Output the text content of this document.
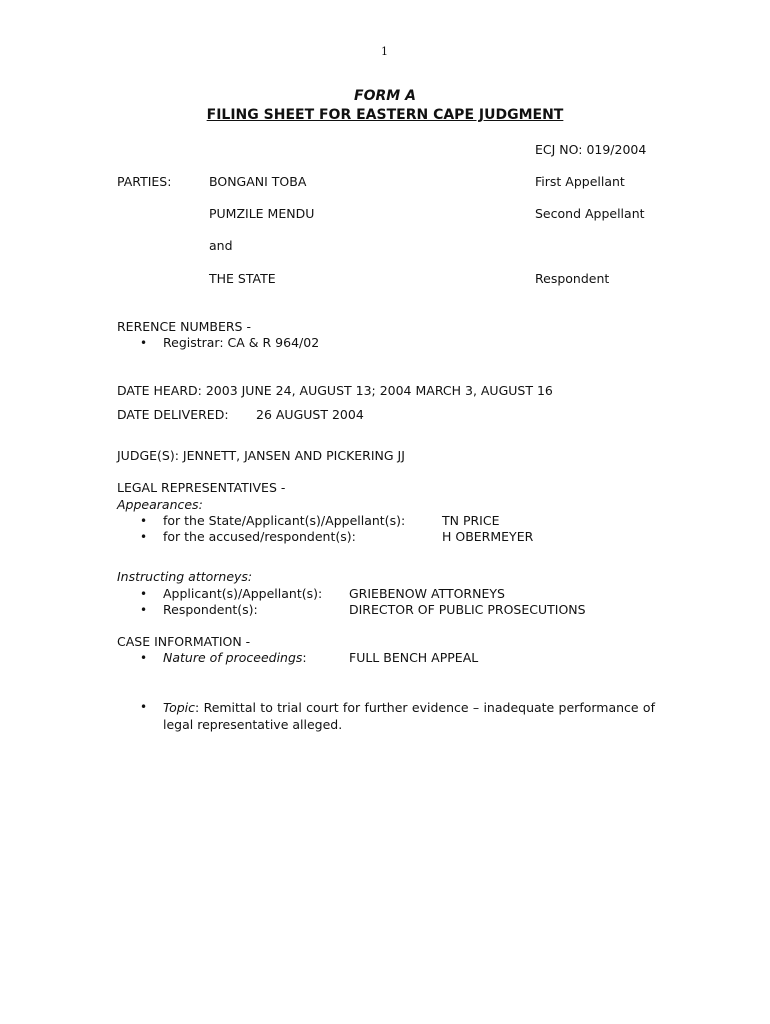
1
FORM A
FILING SHEET FOR EASTERN CAPE JUDGMENT
ECJ NO: 019/2004
PARTIES:	BONGANI TOBA	First Appellant
PUMZILE MENDU	Second Appellant
and
THE STATE	Respondent
RERENCE NUMBERS -
• Registrar: CA & R 964/02
DATE HEARD: 2003 JUNE 24, AUGUST 13; 2004 MARCH 3, AUGUST 16
DATE DELIVERED: 26 AUGUST 2004
JUDGE(S): JENNETT, JANSEN AND PICKERING JJ
LEGAL REPRESENTATIVES -
Appearances:
• for the State/Applicant(s)/Appellant(s):	TN PRICE
• for the accused/respondent(s):	H OBERMEYER
Instructing attorneys:
• Applicant(s)/Appellant(s): GRIEBENOW ATTORNEYS
• Respondent(s):	DIRECTOR OF PUBLIC PROSECUTIONS
CASE INFORMATION -
• Nature of proceedings:	FULL BENCH APPEAL
• Topic: Remittal to trial court for further evidence – inadequate performance of legal representative alleged.
